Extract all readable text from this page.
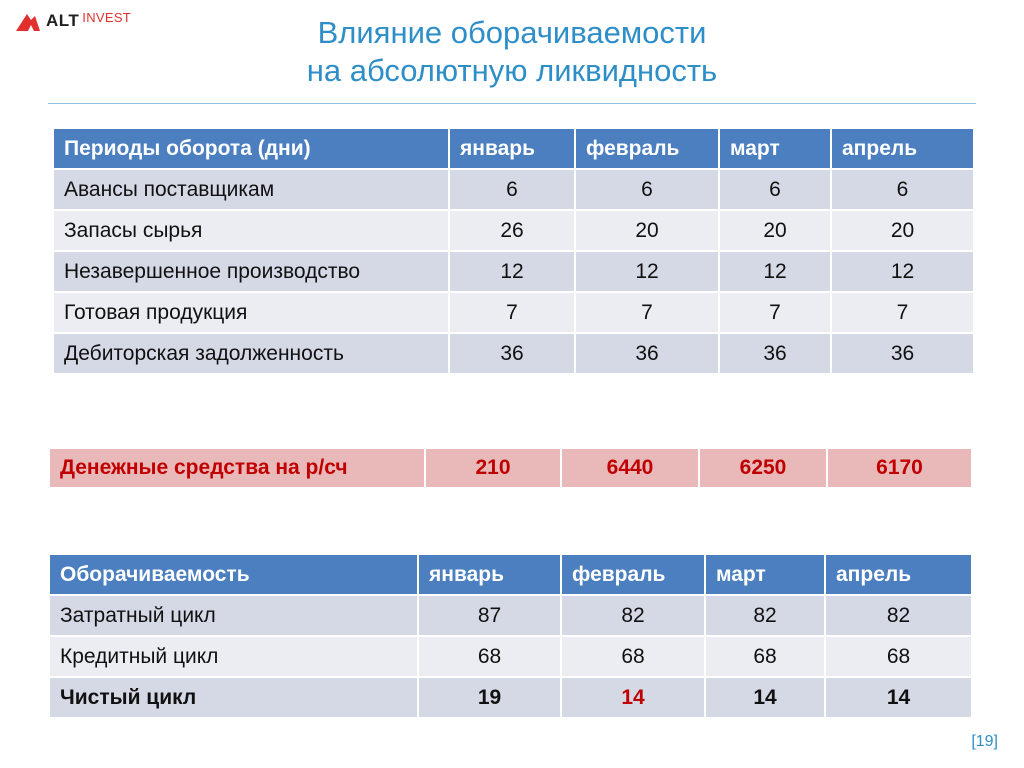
ALT INVEST	Влияние оборачиваемости
на абсолютную ликвидность
Периоды оборота (дни)	январь	февраль	март	апрель
Авансы поставщикам	6	6	6	6
Запасы сырья	26	20	20	20
Незавершенное производство	12	12	12	12
Готовая продукция	7	7	7	7
Дебиторская задолженность	36	36	36	36
Денежные средства на р/сч	210	6440	6250	6170
Оборачиваемость	январь	февраль	март	апрель
Затратный цикл	87	82	82	82
Кредитный цикл	68	68	68	68
Чистый цикл	19	14	14	14
[19]
